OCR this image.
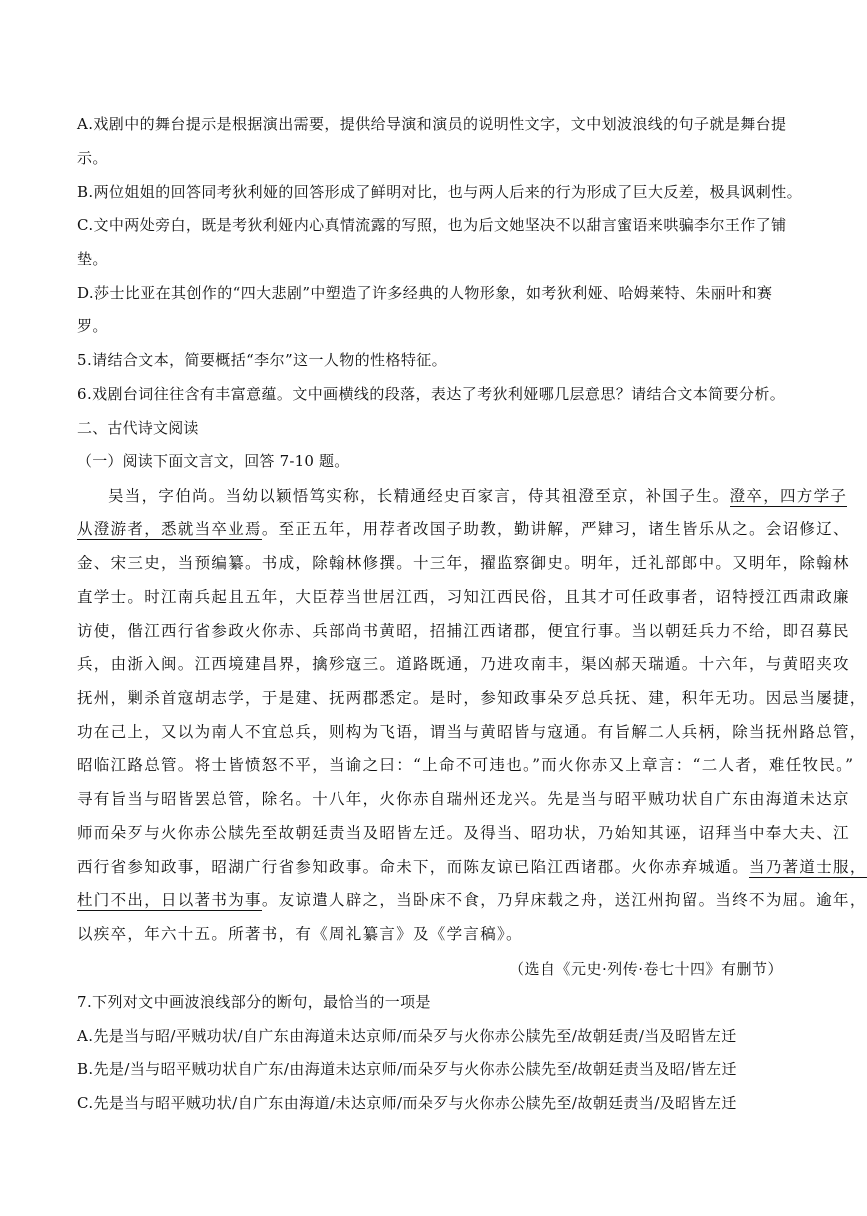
A.戏剧中的舞台提示是根据演出需要，提供给导演和演员的说明性文字，文中划波浪线的句子就是舞台提
示。
B.两位姐姐的回答同考狄利娅的回答形成了鲜明对比，也与两人后来的行为形成了巨大反差，极具讽刺性。
C.文中两处旁白，既是考狄利娅内心真情流露的写照，也为后文她坚决不以甜言蜜语来哄骗李尔王作了铺
垫。
D.莎士比亚在其创作的“四大悲剧”中塑造了许多经典的人物形象，如考狄利娅、哈姆莱特、朱丽叶和赛
罗。
5.请结合文本，简要概括“李尔”这一人物的性格特征。
6.戏剧台词往往含有丰富意蕴。文中画横线的段落，表达了考狄利娅哪几层意思？请结合文本简要分析。
二、古代诗文阅读
（一）阅读下面文言文，回答 7-10 题。
吴当，字伯尚。当幼以颖悟笃实称，长精通经史百家言，侍其祖澄至京，补国子生。澄卒，四方学子
从澄游者，悉就当卒业焉。至正五年，用荐者改国子助教，勤讲解，严肄习，诸生皆乐从之。会诏修辽、
金、宋三史，当预编纂。书成，除翰林修撰。十三年，擢监察御史。明年，迁礼部郎中。又明年，除翰林
直学士。时江南兵起且五年，大臣荐当世居江西，习知江西民俗，且其才可任政事者，诏特授江西肃政廉
访使，偕江西行省参政火你赤、兵部尚书黄昭，招捕江西诸郡，便宜行事。当以朝廷兵力不给，即召募民
兵，由浙入闽。江西境建昌界，擒殄寇三。道路既通，乃进攻南丰，渠凶郝天瑞遁。十六年，与黄昭夹攻
抚州，剿杀首寇胡志学，于是建、抚两郡悉定。是时，参知政事朵歹总兵抚、建，积年无功。因忌当屡捷，
功在己上，又以为南人不宜总兵，则构为飞语，谓当与黄昭皆与寇通。有旨解二人兵柄，除当抚州路总管，
昭临江路总管。将士皆愤怒不平，当谕之曰：“上命不可违也。”而火你赤又上章言：“二人者，难任牧民。”
寻有旨当与昭皆罢总管，除名。十八年，火你赤自瑞州还龙兴。先是当与昭平贼功状自广东由海道未达京
师而朵歹与火你赤公牍先至故朝廷责当及昭皆左迁。及得当、昭功状，乃始知其诬，诏拜当中奉大夫、江
西行省参知政事，昭湖广行省参知政事。命未下，而陈友谅已陷江西诸郡。火你赤弃城遁。当乃著道士服，
杜门不出，日以著书为事。友谅遣人辟之，当卧床不食，乃舁床载之舟，送江州拘留。当终不为屈。逾年，
以疾卒，年六十五。所著书，有《周礼纂言》及《学言稿》。
（选自《元史·列传·卷七十四》有删节）
7.下列对文中画波浪线部分的断句，最恰当的一项是
A.先是当与昭/平贼功状/自广东由海道未达京师/而朵歹与火你赤公牍先至/故朝廷责/当及昭皆左迁
B.先是/当与昭平贼功状自广东/由海道未达京师/而朵歹与火你赤公牍先至/故朝廷责当及昭/皆左迁
C.先是当与昭平贼功状/自广东由海道/未达京师/而朵歹与火你赤公牍先至/故朝廷责当/及昭皆左迁
